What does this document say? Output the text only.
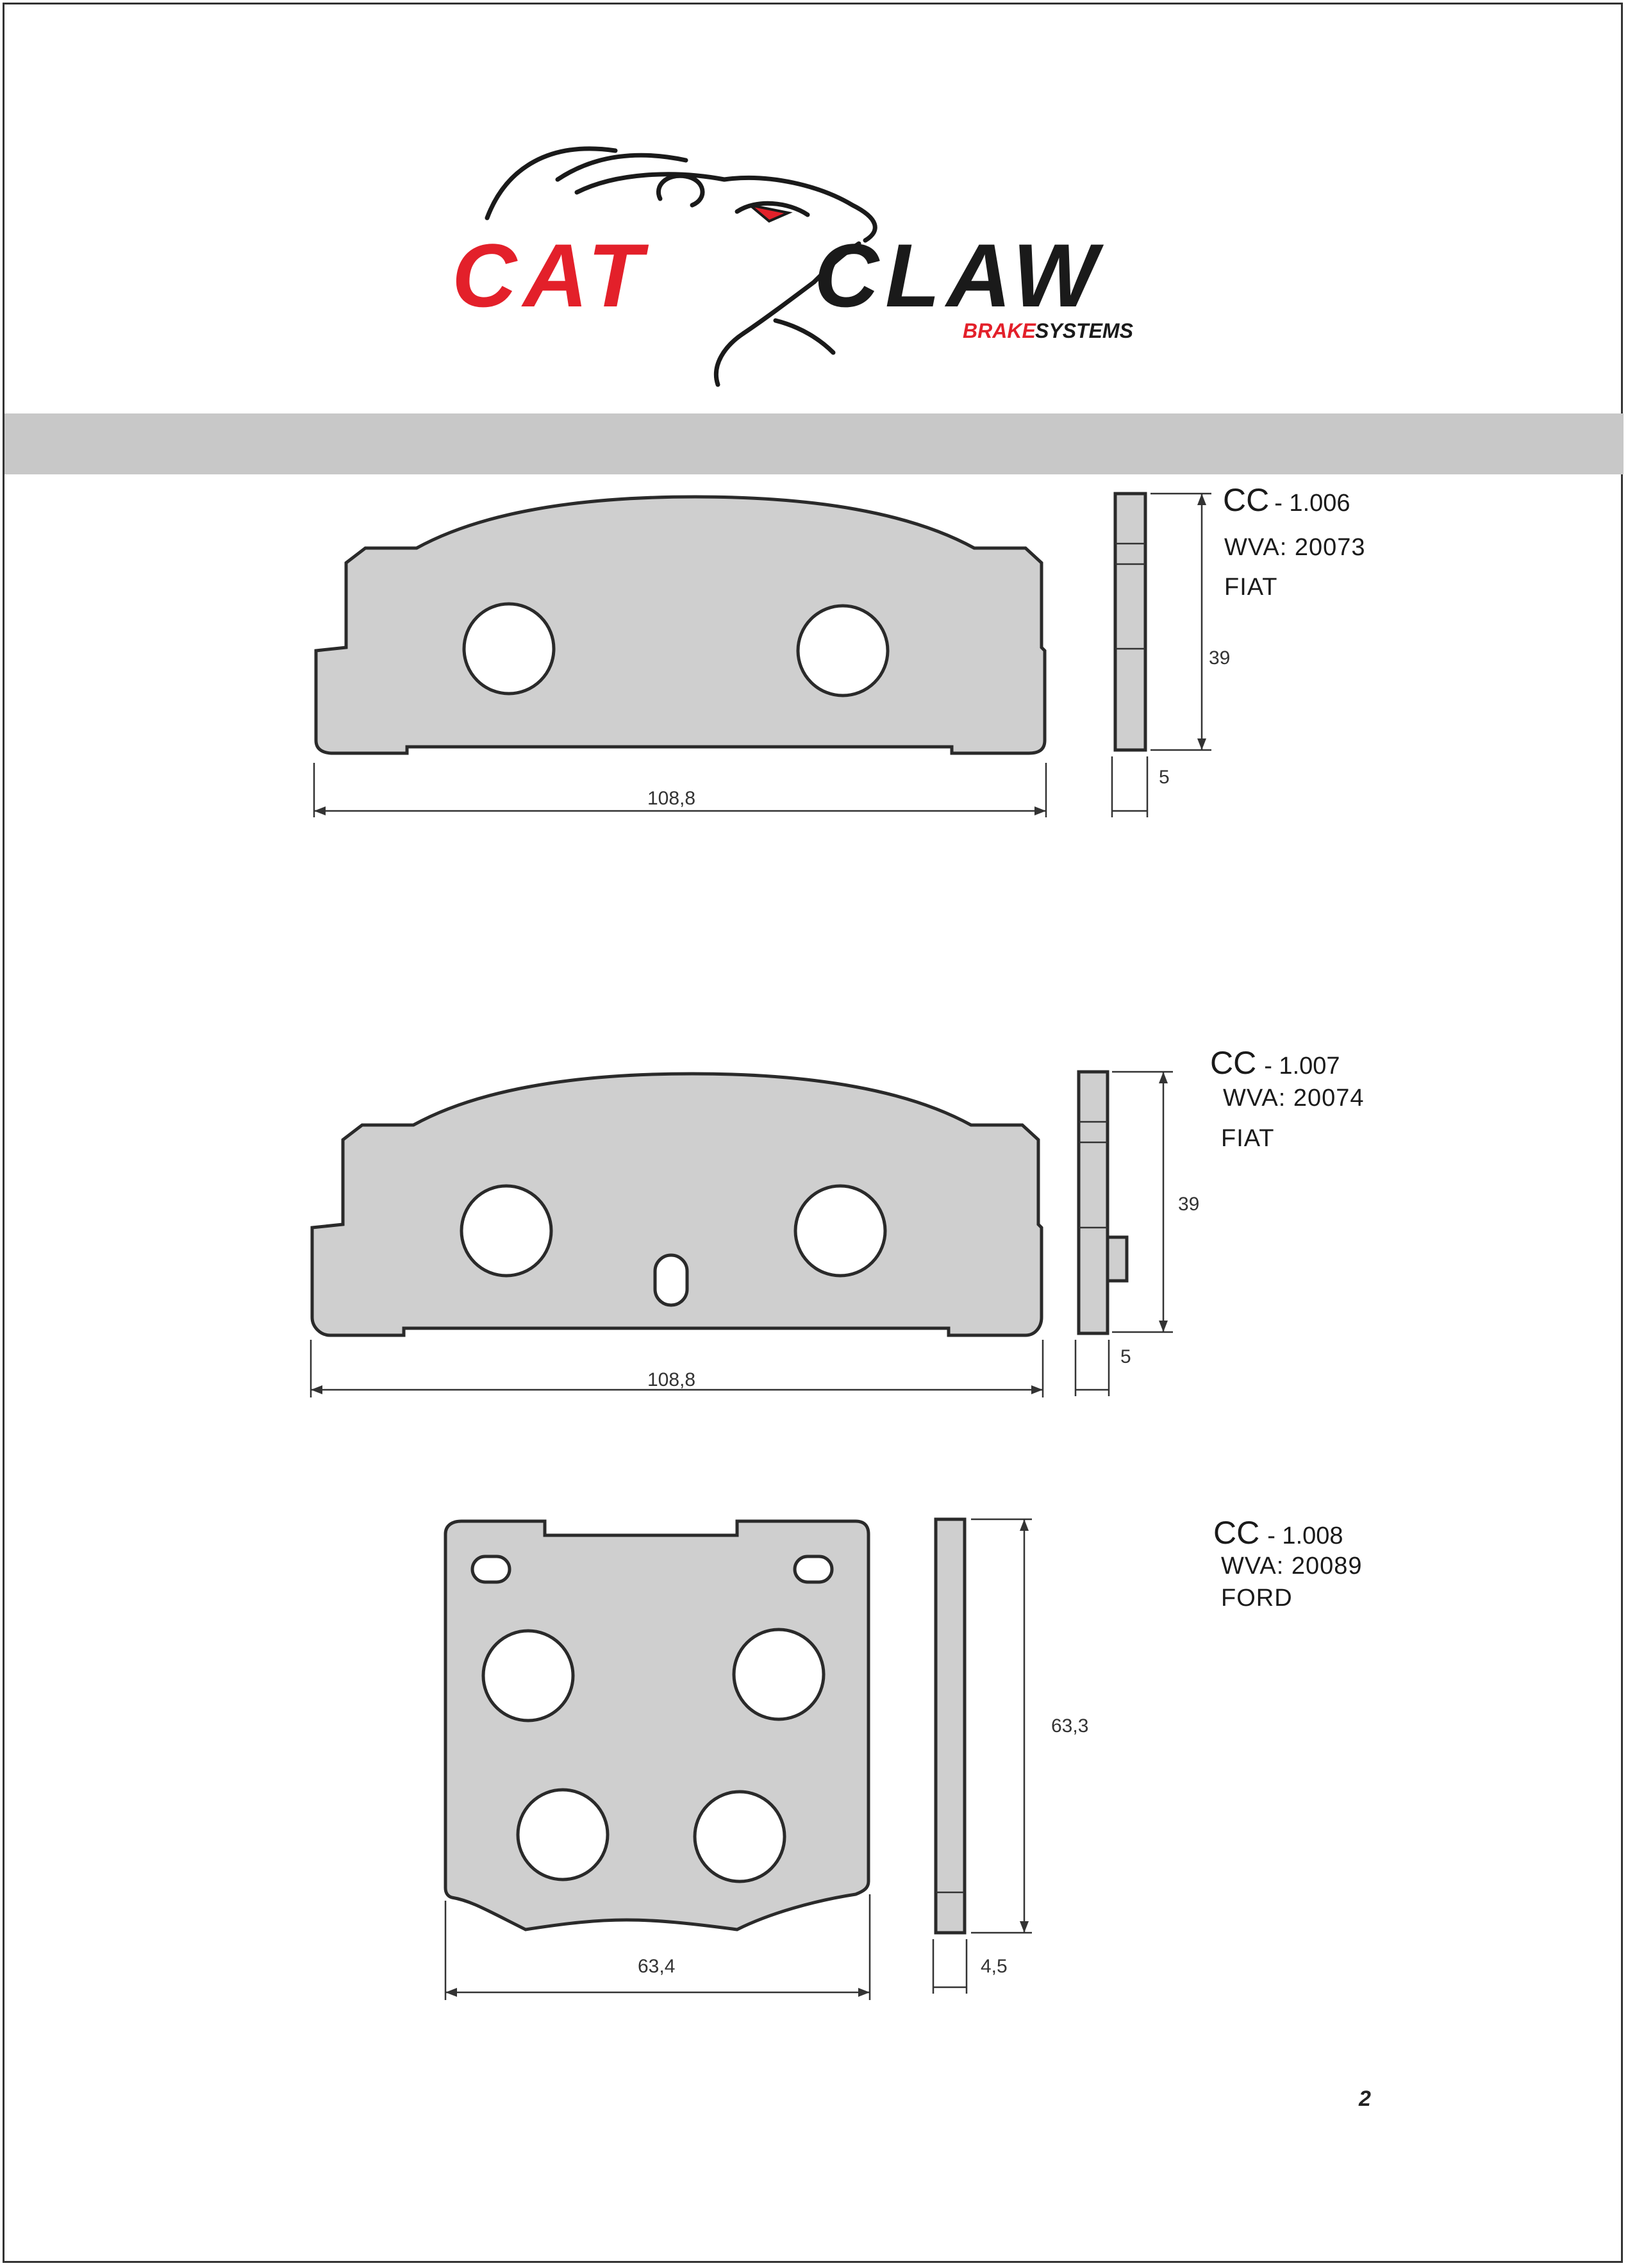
CAT CLAW
BRAKE SYSTEMS
108,8
39
5
CC - 1.006
WVA: 20073
FIAT
108,8
39
5
CC - 1.007
WVA: 20074
FIAT
63,4
63,3
4,5
CC - 1.008
WVA: 20089
FORD
2
